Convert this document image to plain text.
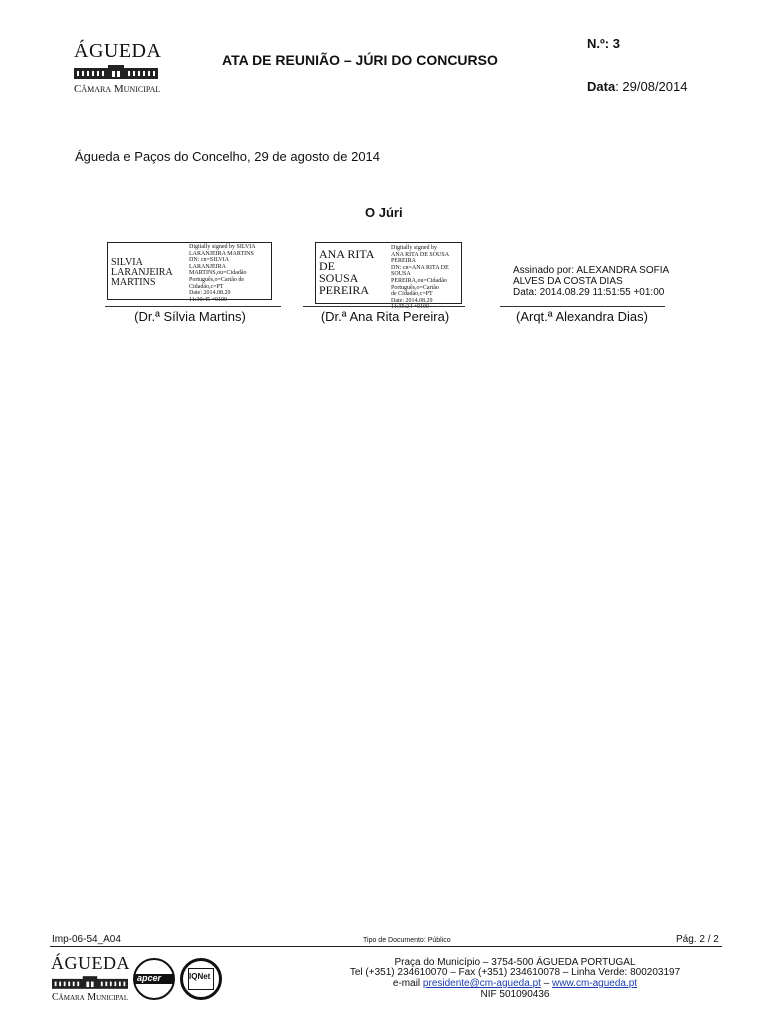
ÁGUEDA
Câmara Municipal
ATA DE REUNIÃO – JÚRI DO CONCURSO
N.º: 3
Data: 29/08/2014
Águeda e Paços do Concelho, 29 de agosto de 2014
O Júri
SILVIA
LARANJEIRA
MARTINS
Digitally signed by SILVIA
LARANJEIRA MARTINS
DN: cn=SILVIA
LARANJEIRA
MARTINS,ou=Cidadão
Português,o=Cartão de
Cidadão,c=PT
Date: 2014.08.29
11:30:45 +0100
(Dr.ª Sílvia Martins)
ANA RITA
DE
SOUSA
PEREIRA
Digitally signed by
ANA RITA DE SOUSA
PEREIRA
DN: cn=ANA RITA DE
SOUSA
PEREIRA,ou=Cidadão
Português,o=Cartão
de Cidadão,c=PT
Date: 2014.08.29
11:35:24 +0100
(Dr.ª Ana Rita Pereira)
Assinado por: ALEXANDRA SOFIA
ALVES DA COSTA DIAS
Data: 2014.08.29 11:51:55 +01:00
(Arqt.ª Alexandra Dias)
Imp-06-54_A04	Tipo de Documento: Público	Pág. 2 / 2
ÁGUEDA
Câmara Municipal
apcer	IQNet
Praça do Município – 3754-500 ÁGUEDA PORTUGAL
Tel (+351) 234610070 – Fax (+351) 234610078 – Linha Verde: 800203197
e-mail presidente@cm-agueda.pt – www.cm-agueda.pt
NIF 501090436
